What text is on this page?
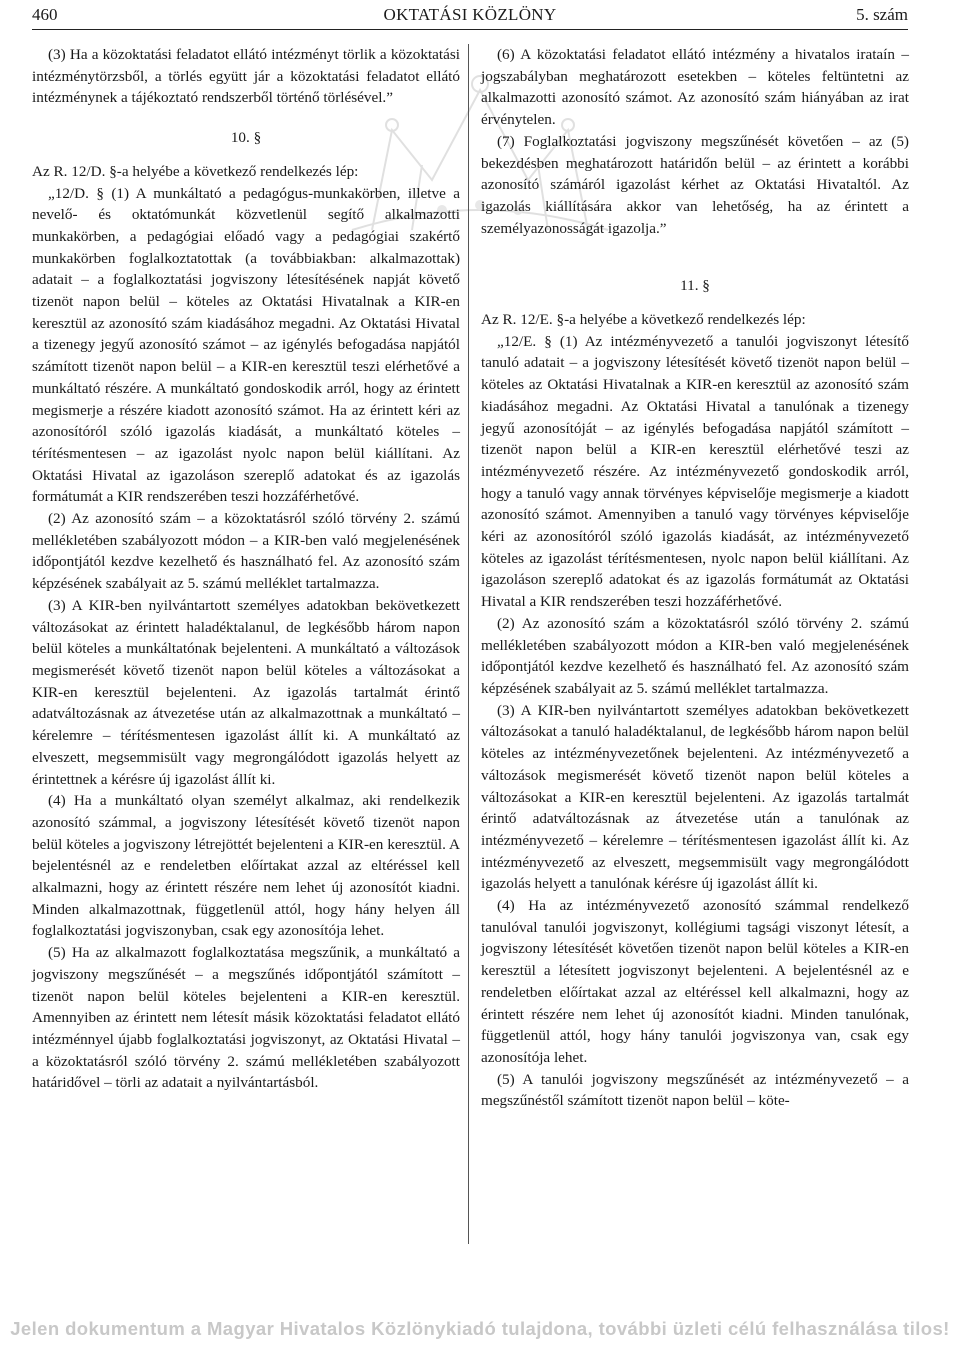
460	OKTATÁSI KÖZLÖNY	5. szám

(3) Ha a közoktatási feladatot ellátó intézményt törlik a közoktatási intézménytörzsből, a törlés együtt jár a közoktatási feladatot ellátó intézménynek a tájékoztató rendszerből történő törlésével.”

10. §

Az R. 12/D. §-a helyébe a következő rendelkezés lép:

„12/D. § (1) A munkáltató a pedagógus-munkakörben, illetve a nevelő- és oktatómunkát közvetlenül segítő alkalmazotti munkakörben, a pedagógiai előadó vagy a pedagógiai szakértő munkakörben foglalkoztatottak (a továbbiakban: alkalmazottak) adatait – a foglalkoztatási jogviszony létesítésének napját követő tizenöt napon belül – köteles az Oktatási Hivatalnak a KIR-en keresztül az azonosító szám kiadásához megadni. Az Oktatási Hivatal a tizenegy jegyű azonosító számot – az igénylés befogadása napjától számított tizenöt napon belül – a KIR-en keresztül teszi elérhetővé a munkáltató részére. A munkáltató gondoskodik arról, hogy az érintett megismerje a részére kiadott azonosító számot. Ha az érintett kéri az azonosítóról szóló igazolás kiadását, a munkáltató köteles – térítésmentesen – az igazolást nyolc napon belül kiállítani. Az Oktatási Hivatal az igazoláson szereplő adatokat és az igazolás formátumát a KIR rendszerében teszi hozzáférhetővé.

(2) Az azonosító szám – a közoktatásról szóló törvény 2. számú mellékletében szabályozott módon – a KIR-ben való megjelenésének időpontjától kezdve kezelhető és használható fel. Az azonosító szám képzésének szabályait az 5. számú melléklet tartalmazza.

(3) A KIR-ben nyilvántartott személyes adatokban bekövetkezett változásokat az érintett haladéktalanul, de legkésőbb három napon belül köteles a munkáltatónak bejelenteni. A munkáltató a változások megismerését követő tizenöt napon belül köteles a változásokat a KIR-en keresztül bejelenteni. Az igazolás tartalmát érintő adatváltozásnak az átvezetése után az alkalmazottnak a munkáltató – kérelemre – térítésmentesen igazolást állít ki. A munkáltató az elveszett, megsemmisült vagy megrongálódott igazolás helyett az érintettnek a kérésre új igazolást állít ki.

(4) Ha a munkáltató olyan személyt alkalmaz, aki rendelkezik azonosító számmal, a jogviszony létesítését követő tizenöt napon belül köteles a jogviszony létrejöttét bejelenteni a KIR-en keresztül. A bejelentésnél az e rendeletben előírtakat azzal az eltéréssel kell alkalmazni, hogy az érintett részére nem lehet új azonosítót kiadni. Minden alkalmazottnak, függetlenül attól, hogy hány helyen áll foglalkoztatási jogviszonyban, csak egy azonosítója lehet.

(5) Ha az alkalmazott foglalkoztatása megszűnik, a munkáltató a jogviszony megszűnését – a megszűnés időpontjától számított – tizenöt napon belül köteles bejelenteni a KIR-en keresztül. Amennyiben az érintett nem létesít másik közoktatási feladatot ellátó intézménnyel újabb foglalkoztatási jogviszonyt, az Oktatási Hivatal – a közoktatásról szóló törvény 2. számú mellékletében szabályozott határidővel – törli az adatait a nyilvántartásból.

(6) A közoktatási feladatot ellátó intézmény a hivatalos irataín – jogszabályban meghatározott esetekben – köteles feltüntetni az alkalmazotti azonosító számot. Az azonosító szám hiányában az irat érvénytelen.

(7) Foglalkoztatási jogviszony megszűnését követően – az (5) bekezdésben meghatározott határidőn belül – az érintett a korábbi azonosító számáról igazolást kérhet az Oktatási Hivataltól. Az igazolás kiállítására akkor van lehetőség, ha az érintett a személyazonosságát igazolja.”

11. §

Az R. 12/E. §-a helyébe a következő rendelkezés lép:

„12/E. § (1) Az intézményvezető a tanulói jogviszonyt létesítő tanuló adatait – a jogviszony létesítését követő tizenöt napon belül – köteles az Oktatási Hivatalnak a KIR-en keresztül az azonosító szám kiadásához megadni. Az Oktatási Hivatal a tanulónak a tizenegy jegyű azonosítóját – az igénylés befogadása napjától számított – tizenöt napon belül a KIR-en keresztül elérhetővé teszi az intézményvezető részére. Az intézményvezető gondoskodik arról, hogy a tanuló vagy annak törvényes képviselője megismerje a kiadott azonosító számot. Amennyiben a tanuló vagy törvényes képviselője kéri az azonosítóról szóló igazolás kiadását, az intézményvezető köteles az igazolást térítésmentesen, nyolc napon belül kiállítani. Az igazoláson szereplő adatokat és az igazolás formátumát az Oktatási Hivatal a KIR rendszerében teszi hozzáférhetővé.

(2) Az azonosító szám a közoktatásról szóló törvény 2. számú mellékletében szabályozott módon a KIR-ben való megjelenésének időpontjától kezdve kezelhető és használható fel. Az azonosító szám képzésének szabályait az 5. számú melléklet tartalmazza.

(3) A KIR-ben nyilvántartott személyes adatokban bekövetkezett változásokat a tanuló haladéktalanul, de legkésőbb három napon belül köteles az intézményvezetőnek bejelenteni. Az intézményvezető a változások megismerését követő tizenöt napon belül köteles a változásokat a KIR-en keresztül bejelenteni. Az igazolás tartalmát érintő adatváltozásnak az átvezetése után a tanulónak az intézményvezető – kérelemre – térítésmentesen igazolást állít ki. Az intézményvezető az elveszett, megsemmisült vagy megrongálódott igazolás helyett a tanulónak kérésre új igazolást állít ki.

(4) Ha az intézményvezető azonosító számmal rendelkező tanulóval tanulói jogviszonyt, kollégiumi tagsági viszonyt létesít, a jogviszony létesítését követően tizenöt napon belül köteles a KIR-en keresztül a létesített jogviszonyt bejelenteni. A bejelentésnél az e rendeletben előírtakat azzal az eltéréssel kell alkalmazni, hogy az érintett részére nem lehet új azonosítót kiadni. Minden tanulónak, függetlenül attól, hogy hány tanulói jogviszonya van, csak egy azonosítója lehet.

(5) A tanulói jogviszony megszűnését az intézményvezető – a megszűnéstől számított tizenöt napon belül – köte-

Jelen dokumentum a Magyar Hivatalos Közlönykiadó tulajdona, további üzleti célú felhasználása tilos!
